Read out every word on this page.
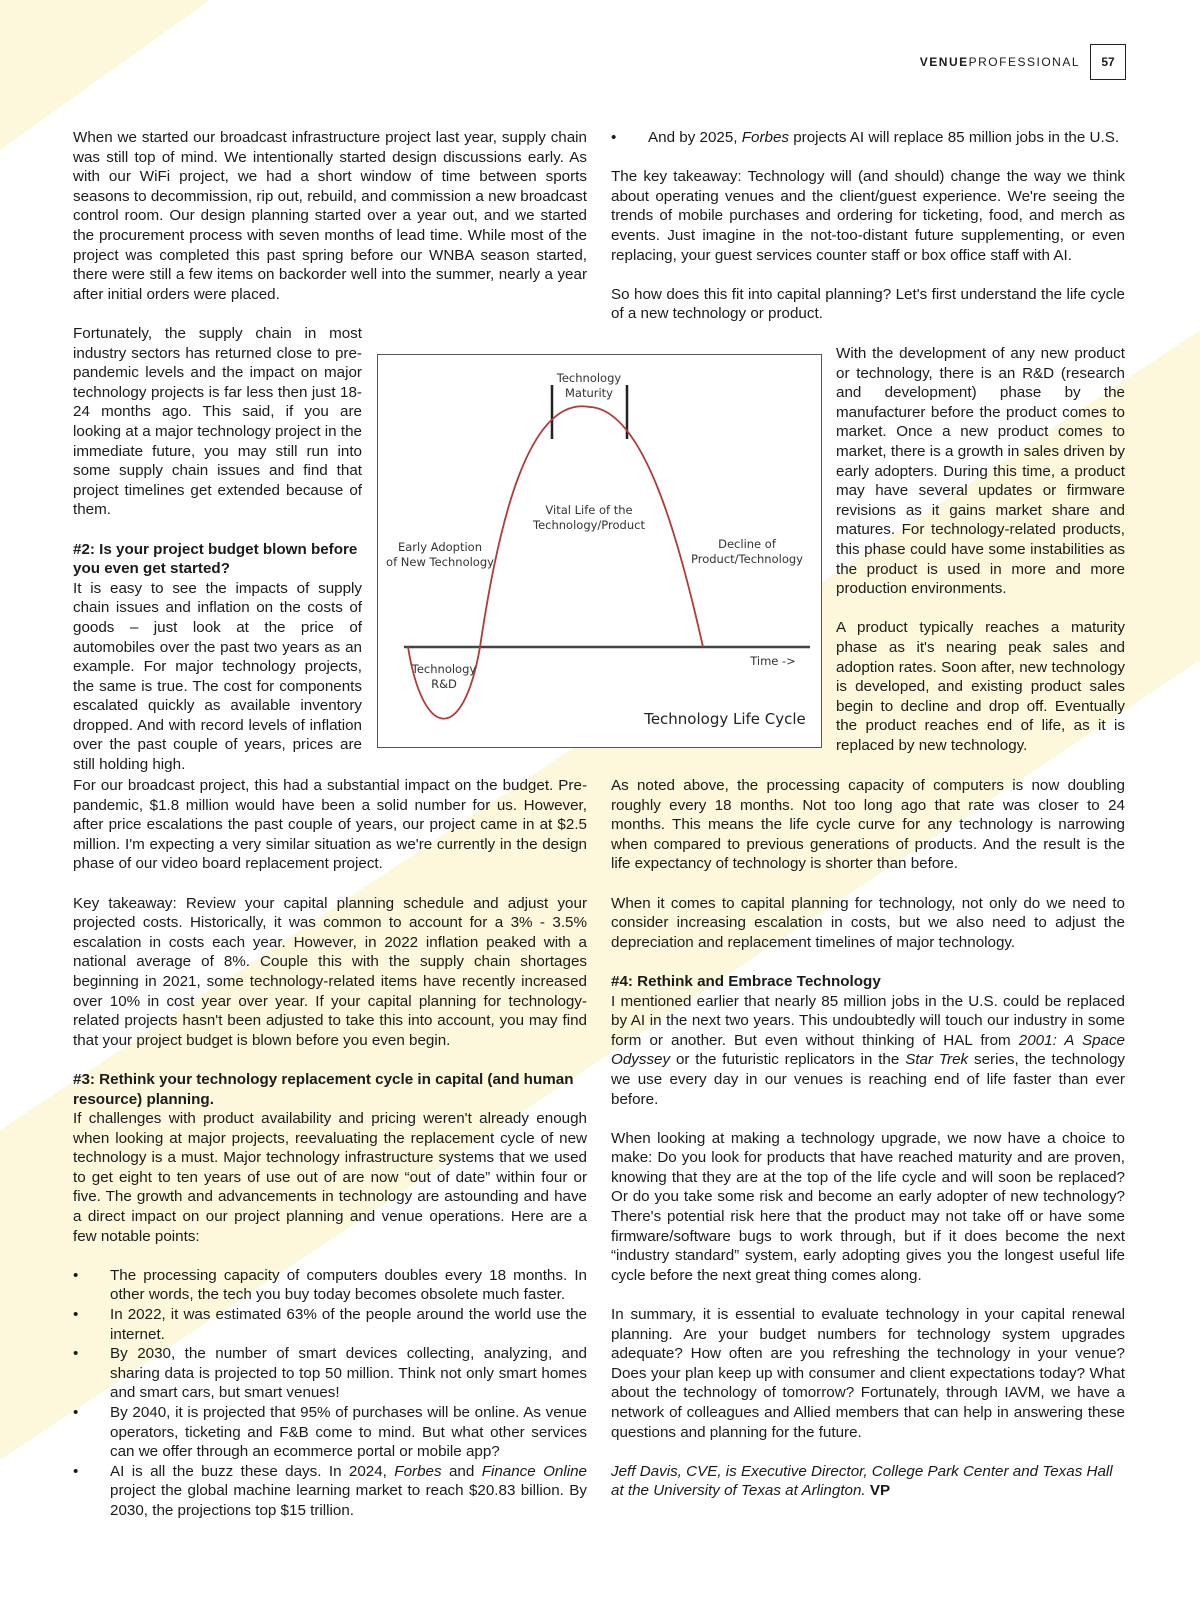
VENUEPROFESSIONAL	57

When we started our broadcast infrastructure project last year, supply chain was still top of mind. We intentionally started design discussions early. As with our WiFi project, we had a short window of time between sports seasons to decommission, rip out, rebuild, and commission a new broadcast control room. Our design planning started over a year out, and we started the procurement process with seven months of lead time. While most of the project was completed this past spring before our WNBA season started, there were still a few items on backorder well into the summer, nearly a year after initial orders were placed.

Fortunately, the supply chain in most industry sectors has returned close to pre-pandemic levels and the impact on major technology projects is far less then just 18-24 months ago. This said, if you are looking at a major technology project in the immediate future, you may still run into some supply chain issues and find that project timelines get extended because of them.

#2: Is your project budget blown before you even get started?

It is easy to see the impacts of supply chain issues and inflation on the costs of goods – just look at the price of automobiles over the past two years as an example. For major technology projects, the same is true. The cost for components escalated quickly as available inventory dropped. And with record levels of inflation over the past couple of years, prices are still holding high.

For our broadcast project, this had a substantial impact on the budget. Pre-pandemic, $1.8 million would have been a solid number for us. However, after price escalations the past couple of years, our project came in at $2.5 million. I'm expecting a very similar situation as we're currently in the design phase of our video board replacement project.

Key takeaway: Review your capital planning schedule and adjust your projected costs. Historically, it was common to account for a 3% - 3.5% escalation in costs each year. However, in 2022 inflation peaked with a national average of 8%. Couple this with the supply chain shortages beginning in 2021, some technology-related items have recently increased over 10% in cost year over year. If your capital planning for technology-related projects hasn't been adjusted to take this into account, you may find that your project budget is blown before you even begin.

#3: Rethink your technology replacement cycle in capital (and human resource) planning.

If challenges with product availability and pricing weren't already enough when looking at major projects, reevaluating the replacement cycle of new technology is a must. Major technology infrastructure systems that we used to get eight to ten years of use out of are now “out of date” within four or five. The growth and advancements in technology are astounding and have a direct impact on our project planning and venue operations. Here are a few notable points:

• The processing capacity of computers doubles every 18 months. In other words, the tech you buy today becomes obsolete much faster.
• In 2022, it was estimated 63% of the people around the world use the internet.
• By 2030, the number of smart devices collecting, analyzing, and sharing data is projected to top 50 million. Think not only smart homes and smart cars, but smart venues!
• By 2040, it is projected that 95% of purchases will be online. As venue operators, ticketing and F&B come to mind. But what other services can we offer through an ecommerce portal or mobile app?
• AI is all the buzz these days. In 2024, Forbes and Finance Online project the global machine learning market to reach $20.83 billion. By 2030, the projections top $15 trillion.
• And by 2025, Forbes projects AI will replace 85 million jobs in the U.S.

The key takeaway: Technology will (and should) change the way we think about operating venues and the client/guest experience. We're seeing the trends of mobile purchases and ordering for ticketing, food, and merch as events. Just imagine in the not-too-distant future supplementing, or even replacing, your guest services counter staff or box office staff with AI.

So how does this fit into capital planning? Let's first understand the life cycle of a new technology or product.

With the development of any new product or technology, there is an R&D (research and development) phase by the manufacturer before the product comes to market. Once a new product comes to market, there is a growth in sales driven by early adopters. During this time, a product may have several updates or firmware revisions as it gains market share and matures. For technology-related products, this phase could have some instabilities as the product is used in more and more production environments.

A product typically reaches a maturity phase as it's nearing peak sales and adoption rates. Soon after, new technology is developed, and existing product sales begin to decline and drop off. Eventually the product reaches end of life, as it is replaced by new technology.

As noted above, the processing capacity of computers is now doubling roughly every 18 months. Not too long ago that rate was closer to 24 months. This means the life cycle curve for any technology is narrowing when compared to previous generations of products. And the result is the life expectancy of technology is shorter than before.

When it comes to capital planning for technology, not only do we need to consider increasing escalation in costs, but we also need to adjust the depreciation and replacement timelines of major technology.

#4: Rethink and Embrace Technology

I mentioned earlier that nearly 85 million jobs in the U.S. could be replaced by AI in the next two years. This undoubtedly will touch our industry in some form or another. But even without thinking of HAL from 2001: A Space Odyssey or the futuristic replicators in the Star Trek series, the technology we use every day in our venues is reaching end of life faster than ever before.

When looking at making a technology upgrade, we now have a choice to make: Do you look for products that have reached maturity and are proven, knowing that they are at the top of the life cycle and will soon be replaced? Or do you take some risk and become an early adopter of new technology? There's potential risk here that the product may not take off or have some firmware/software bugs to work through, but if it does become the next “industry standard” system, early adopting gives you the longest useful life cycle before the next great thing comes along.

In summary, it is essential to evaluate technology in your capital renewal planning. Are your budget numbers for technology system upgrades adequate? How often are you refreshing the technology in your venue? Does your plan keep up with consumer and client expectations today? What about the technology of tomorrow? Fortunately, through IAVM, we have a network of colleagues and Allied members that can help in answering these questions and planning for the future.

Jeff Davis, CVE, is Executive Director, College Park Center and Texas Hall at the University of Texas at Arlington. VP

Technology
Maturity
Vital Life of the
Technology/Product
Early Adoption
of New Technology
Decline of
Product/Technology
Technology
R&D
Time ->
Technology Life Cycle
